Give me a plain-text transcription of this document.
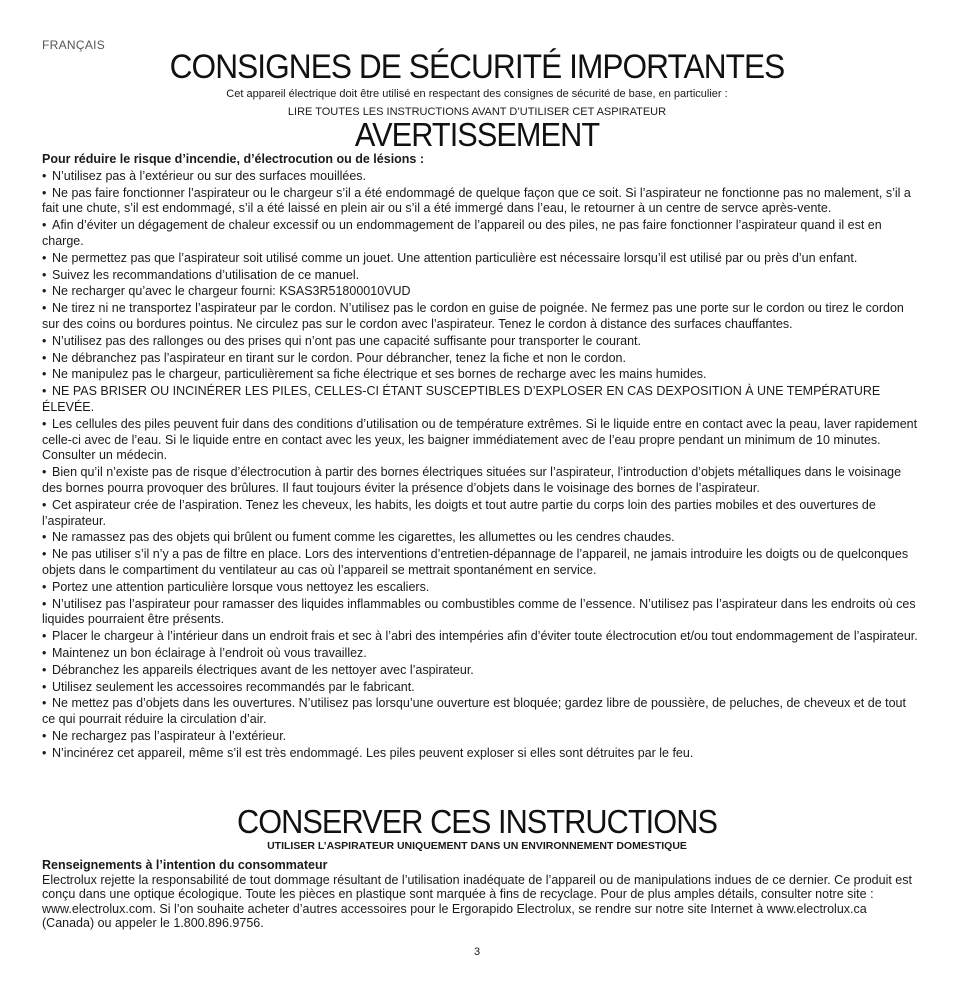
FRANÇAIS
CONSIGNES DE SÉCURITÉ IMPORTANTES
Cet appareil électrique doit être utilisé en respectant des consignes de sécurité de base, en particulier :
LIRE TOUTES LES INSTRUCTIONS AVANT D’UTILISER CET ASPIRATEUR
AVERTISSEMENT
Pour réduire le risque d’incendie, d’électrocution ou de lésions :
• N’utilisez pas à l’extérieur ou sur des surfaces mouillées.
• Ne pas faire fonctionner l’aspirateur ou le chargeur s’il a été endommagé de quelque façon que ce soit. Si l’aspirateur ne fonctionne pas no malement, s’il a fait une chute, s’il est endommagé, s’il a été laissé en plein air ou s’il a été immergé dans l’eau, le retourner à un centre de servce après-vente.
• Afin d’éviter un dégagement de chaleur excessif ou un endommagement de l’appareil ou des piles, ne pas faire fonctionner l’aspirateur quand il est en charge.
• Ne permettez pas que l’aspirateur soit utilisé comme un jouet. Une attention particulière est nécessaire lorsqu’il est utilisé par ou près d’un enfant.
• Suivez les recommandations d’utilisation de ce manuel.
• Ne recharger qu’avec le chargeur fourni: KSAS3R51800010VUD
• Ne tirez ni ne transportez l’aspirateur par le cordon. N’utilisez pas le cordon en guise de poignée. Ne fermez pas une porte sur le cordon ou tirez le cordon sur des coins ou bordures pointus. Ne circulez pas sur le cordon avec l’aspirateur. Tenez le cordon à distance des surfaces chauffantes.
• N’utilisez pas des rallonges ou des prises qui n’ont pas une capacité suffisante pour transporter le courant.
• Ne débranchez pas l’aspirateur en tirant sur le cordon. Pour débrancher, tenez la fiche et non le cordon.
• Ne manipulez pas le chargeur, particulièrement sa fiche électrique et ses bornes de recharge avec les mains humides.
• NE PAS BRISER OU INCINÉRER LES PILES, CELLES-CI ÉTANT SUSCEPTIBLES D’EXPLOSER EN CAS DEXPOSITION À UNE TEMPÉRATURE ÉLEVÉE.
• Les cellules des piles peuvent fuir dans des conditions d’utilisation ou de température extrêmes. Si le liquide entre en contact avec la peau, laver rapidement celle-ci avec de l’eau. Si le liquide entre en contact avec les yeux, les baigner immédiatement avec de l’eau propre pendant un minimum de 10 minutes. Consulter un médecin.
• Bien qu’il n’existe pas de risque d’électrocution à partir des bornes électriques situées sur l’aspirateur, l’introduction d’objets métalliques dans le voisinage des bornes pourra provoquer des brûlures. Il faut toujours éviter la présence d’objets dans le voisinage des bornes de l’aspirateur.
• Cet aspirateur crée de l’aspiration. Tenez les cheveux, les habits, les doigts et tout autre partie du corps loin des parties mobiles et des ouvertures de l’aspirateur.
• Ne ramassez pas des objets qui brûlent ou fument comme les cigarettes, les allumettes ou les cendres chaudes.
• Ne pas utiliser s’il n’y a pas de filtre en place. Lors des interventions d’entretien-dépannage de l’appareil, ne jamais introduire les doigts ou de quelconques objets dans le compartiment du ventilateur au cas où l’appareil se mettrait spontanément en service.
• Portez une attention particulière lorsque vous nettoyez les escaliers.
• N’utilisez pas l’aspirateur pour ramasser des liquides inflammables ou combustibles comme de l’essence. N’utilisez pas l’aspirateur dans les endroits où ces liquides pourraient être présents.
• Placer le chargeur à l’intérieur dans un endroit frais et sec à l’abri des intempéries afin d’éviter toute électrocution et/ou tout endommagement de l’aspirateur.
• Maintenez un bon éclairage à l’endroit où vous travaillez.
• Débranchez les appareils électriques avant de les nettoyer avec l’aspirateur.
• Utilisez seulement les accessoires recommandés par le fabricant.
• Ne mettez pas d’objets dans les ouvertures. N’utilisez pas lorsqu’une ouverture est bloquée; gardez libre de poussière, de peluches, de cheveux et de tout ce qui pourrait réduire la circulation d’air.
• Ne rechargez pas l’aspirateur à l’extérieur.
• N’incinérez cet appareil, même s’il est très endommagé. Les piles peuvent exploser si elles sont détruites par le feu.
CONSERVER CES INSTRUCTIONS
UTILISER L’ASPIRATEUR UNIQUEMENT DANS UN ENVIRONNEMENT DOMESTIQUE
Renseignements à l’intention du consommateur
Electrolux rejette la responsabilité de tout dommage résultant de l’utilisation inadéquate de l’appareil ou de manipulations indues de ce dernier. Ce produit est conçu dans une optique écologique. Toute les pièces en plastique sont marquée à fins de recyclage. Pour de plus amples détails, consulter notre site : www.electrolux.com. Si l’on souhaite acheter d’autres accessoires pour le Ergorapido Electrolux, se rendre sur notre site Internet à www.electrolux.ca (Canada) ou appeler le 1.800.896.9756.
3
